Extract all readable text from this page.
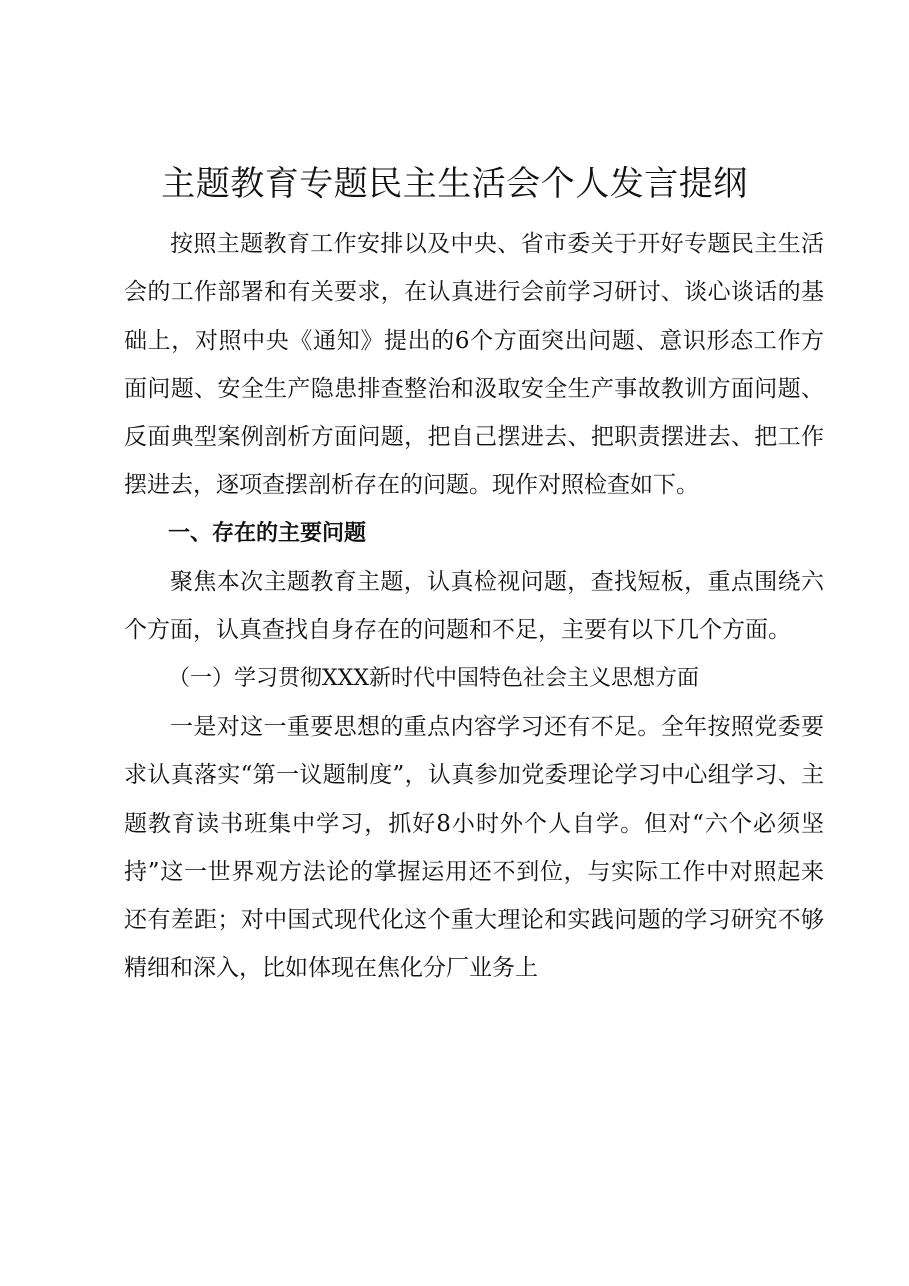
主题教育专题民主生活会个人发言提纲

按照主题教育工作安排以及中央、省市委关于开好专题民主生活会的工作部署和有关要求，在认真进行会前学习研讨、谈心谈话的基础上，对照中央《通知》提出的6个方面突出问题、意识形态工作方面问题、安全生产隐患排查整治和汲取安全生产事故教训方面问题、反面典型案例剖析方面问题，把自己摆进去、把职责摆进去、把工作摆进去，逐项查摆剖析存在的问题。现作对照检查如下。

一、存在的主要问题

聚焦本次主题教育主题，认真检视问题，查找短板，重点围绕六个方面，认真查找自身存在的问题和不足，主要有以下几个方面。

（一）学习贯彻XXX新时代中国特色社会主义思想方面

一是对这一重要思想的重点内容学习还有不足。全年按照党委要求认真落实“第一议题制度”，认真参加党委理论学习中心组学习、主题教育读书班集中学习，抓好8小时外个人自学。但对“六个必须坚持”这一世界观方法论的掌握运用还不到位，与实际工作中对照起来还有差距；对中国式现代化这个重大理论和实践问题的学习研究不够精细和深入，比如体现在焦化分厂业务上
